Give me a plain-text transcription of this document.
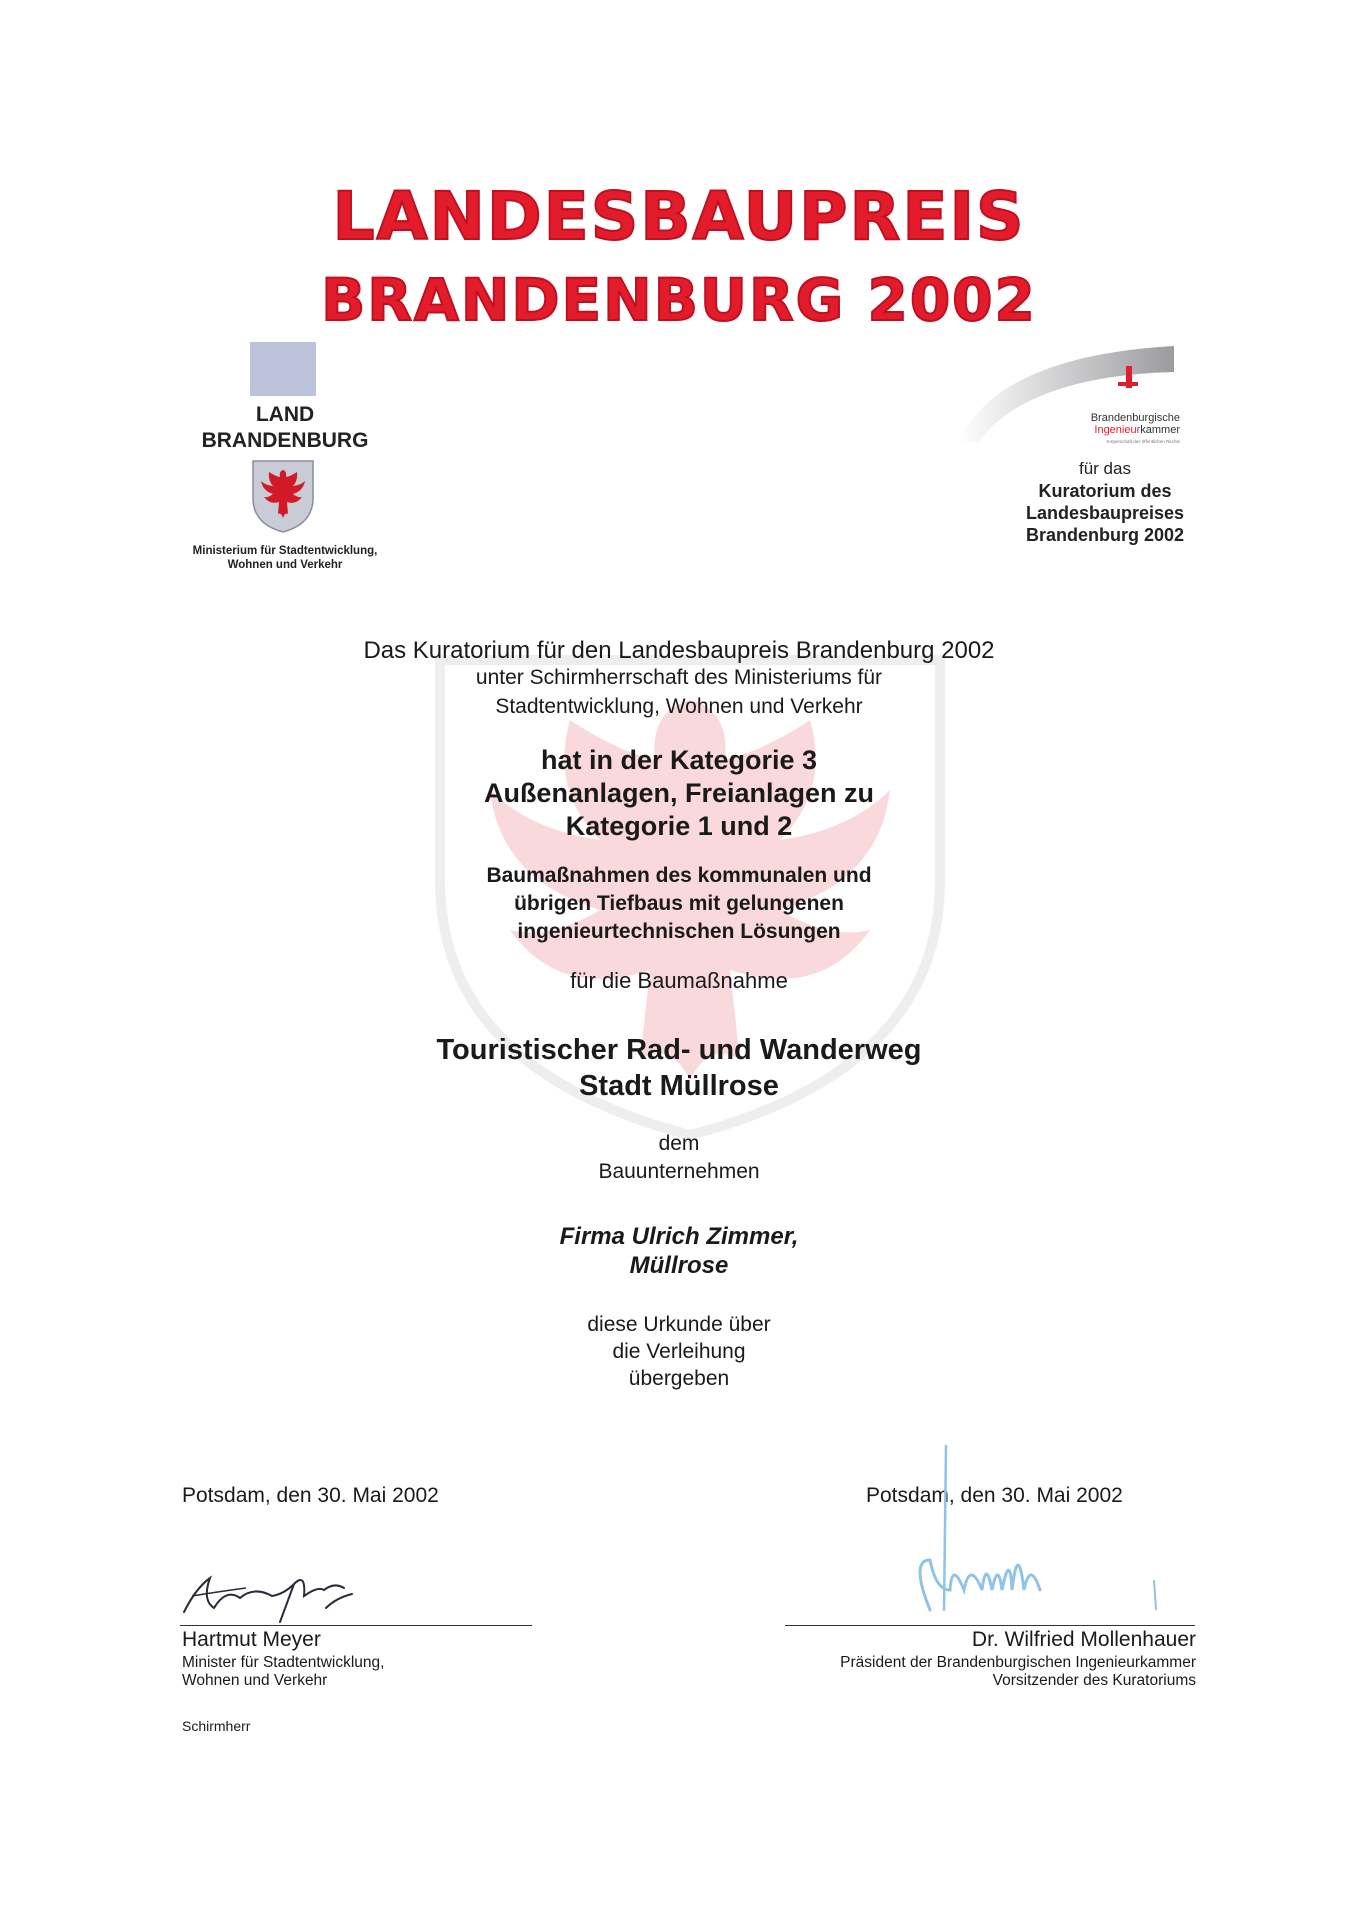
LANDESBAUPREIS
BRANDENBURG 2002
LAND
BRANDENBURG
Ministerium für Stadtentwicklung,
Wohnen und Verkehr
Brandenburgische
Ingenieurkammer
Körperschaft des öffentlichen Rechts
für das
Kuratorium des
Landesbaupreises
Brandenburg 2002
Das Kuratorium für den Landesbaupreis Brandenburg 2002
unter Schirmherrschaft des Ministeriums für
Stadtentwicklung, Wohnen und Verkehr
hat in der Kategorie 3
Außenanlagen, Freianlagen zu
Kategorie 1 und 2
Baumaßnahmen des kommunalen und
übrigen Tiefbaus mit gelungenen
ingenieurtechnischen Lösungen
für die Baumaßnahme
Touristischer Rad- und Wanderweg
Stadt Müllrose
dem
Bauunternehmen
Firma Ulrich Zimmer,
Müllrose
diese Urkunde über
die Verleihung
übergeben
Potsdam, den 30. Mai 2002	Potsdam, den 30. Mai 2002
Hartmut Meyer
Minister für Stadtentwicklung,
Wohnen und Verkehr
Schirmherr
Dr. Wilfried Mollenhauer
Präsident der Brandenburgischen Ingenieurkammer
Vorsitzender des Kuratoriums
